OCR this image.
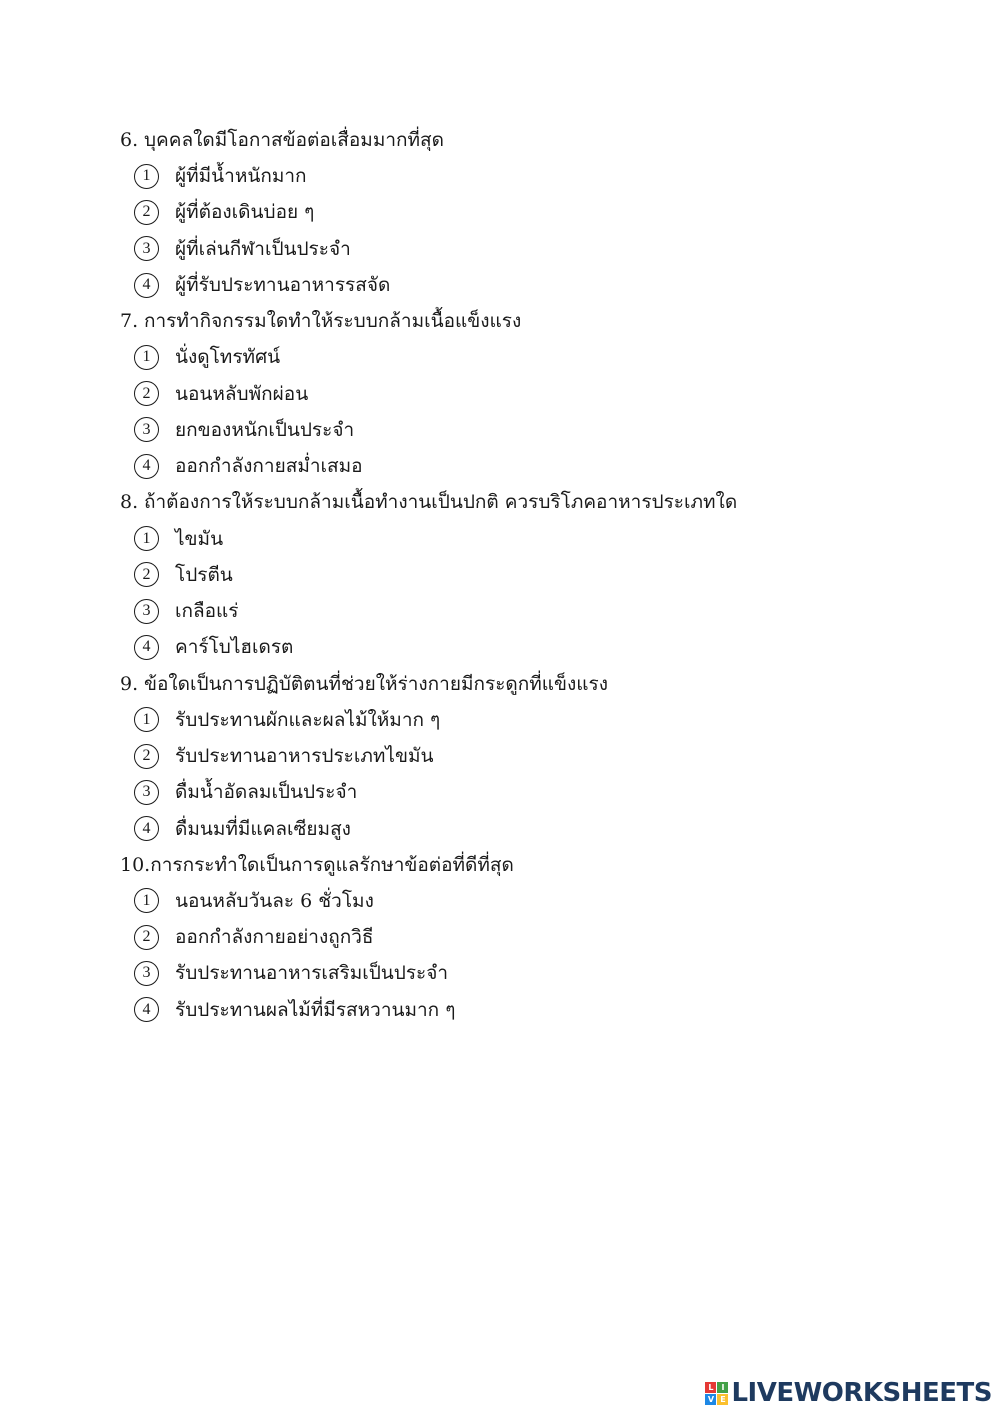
6. บุคคลใดมีโอกาสข้อต่อเสื่อมมากที่สุด
1	ผู้ที่มีน้ำหนักมาก
2	ผู้ที่ต้องเดินบ่อย ๆ
3	ผู้ที่เล่นกีฬาเป็นประจำ
4	ผู้ที่รับประทานอาหารรสจัด
7. การทำกิจกรรมใดทำให้ระบบกล้ามเนื้อแข็งแรง
1	นั่งดูโทรทัศน์
2	นอนหลับพักผ่อน
3	ยกของหนักเป็นประจำ
4	ออกกำลังกายสม่ำเสมอ
8. ถ้าต้องการให้ระบบกล้ามเนื้อทำงานเป็นปกติ ควรบริโภคอาหารประเภทใด
1	ไขมัน
2	โปรตีน
3	เกลือแร่
4	คาร์โบไฮเดรต
9. ข้อใดเป็นการปฏิบัติตนที่ช่วยให้ร่างกายมีกระดูกที่แข็งแรง
1	รับประทานผักและผลไม้ให้มาก ๆ
2	รับประทานอาหารประเภทไขมัน
3	ดื่มน้ำอัดลมเป็นประจำ
4	ดื่มนมที่มีแคลเซียมสูง
10. การกระทำใดเป็นการดูแลรักษาข้อต่อที่ดีที่สุด
1	นอนหลับวันละ 6 ชั่วโมง
2	ออกกำลังกายอย่างถูกวิธี
3	รับประทานอาหารเสริมเป็นประจำ
4	รับประทานผลไม้ที่มีรสหวานมาก ๆ
L I
V E LIVEWORKSHEETS
